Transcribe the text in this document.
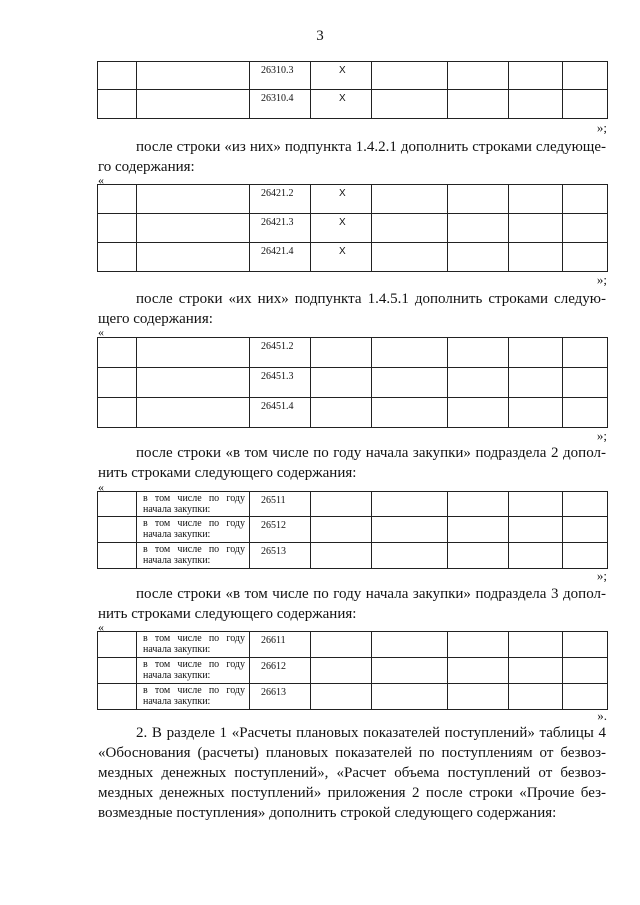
3
		26310.3	X				
		26310.4	X				
»;
после строки «из них» подпункта 1.4.2.1 дополнить строками следующе-
го содержания:
«
		26421.2	X				
		26421.3	X				
		26421.4	X				
»;
после строки «их них» подпункта 1.4.5.1 дополнить строками следую-
щего содержания:
«
		26451.2					
		26451.3					
		26451.4					
»;
после строки «в том числе по году начала закупки» подраздела 2 допол-
нить строками следующего содержания:
«

	в том числе по году
начала закупки:	26511					

	в том числе по году
начала закупки:	26512					

	в том числе по году
начала закупки:	26513					
»;
после строки «в том числе по году начала закупки» подраздела 3 допол-
нить строками следующего содержания:
«

	в том числе по году
начала закупки:	26611					

	в том числе по году
начала закупки:	26612					

	в том числе по году
начала закупки:	26613					
».
2. В разделе 1 «Расчеты плановых показателей поступлений» таблицы 4
«Обоснования (расчеты) плановых показателей по поступлениям от безвоз-
мездных денежных поступлений», «Расчет объема поступлений от безвоз-
мездных денежных поступлений» приложения 2 после строки «Прочие без-
возмездные поступления» дополнить строкой следующего содержания:
